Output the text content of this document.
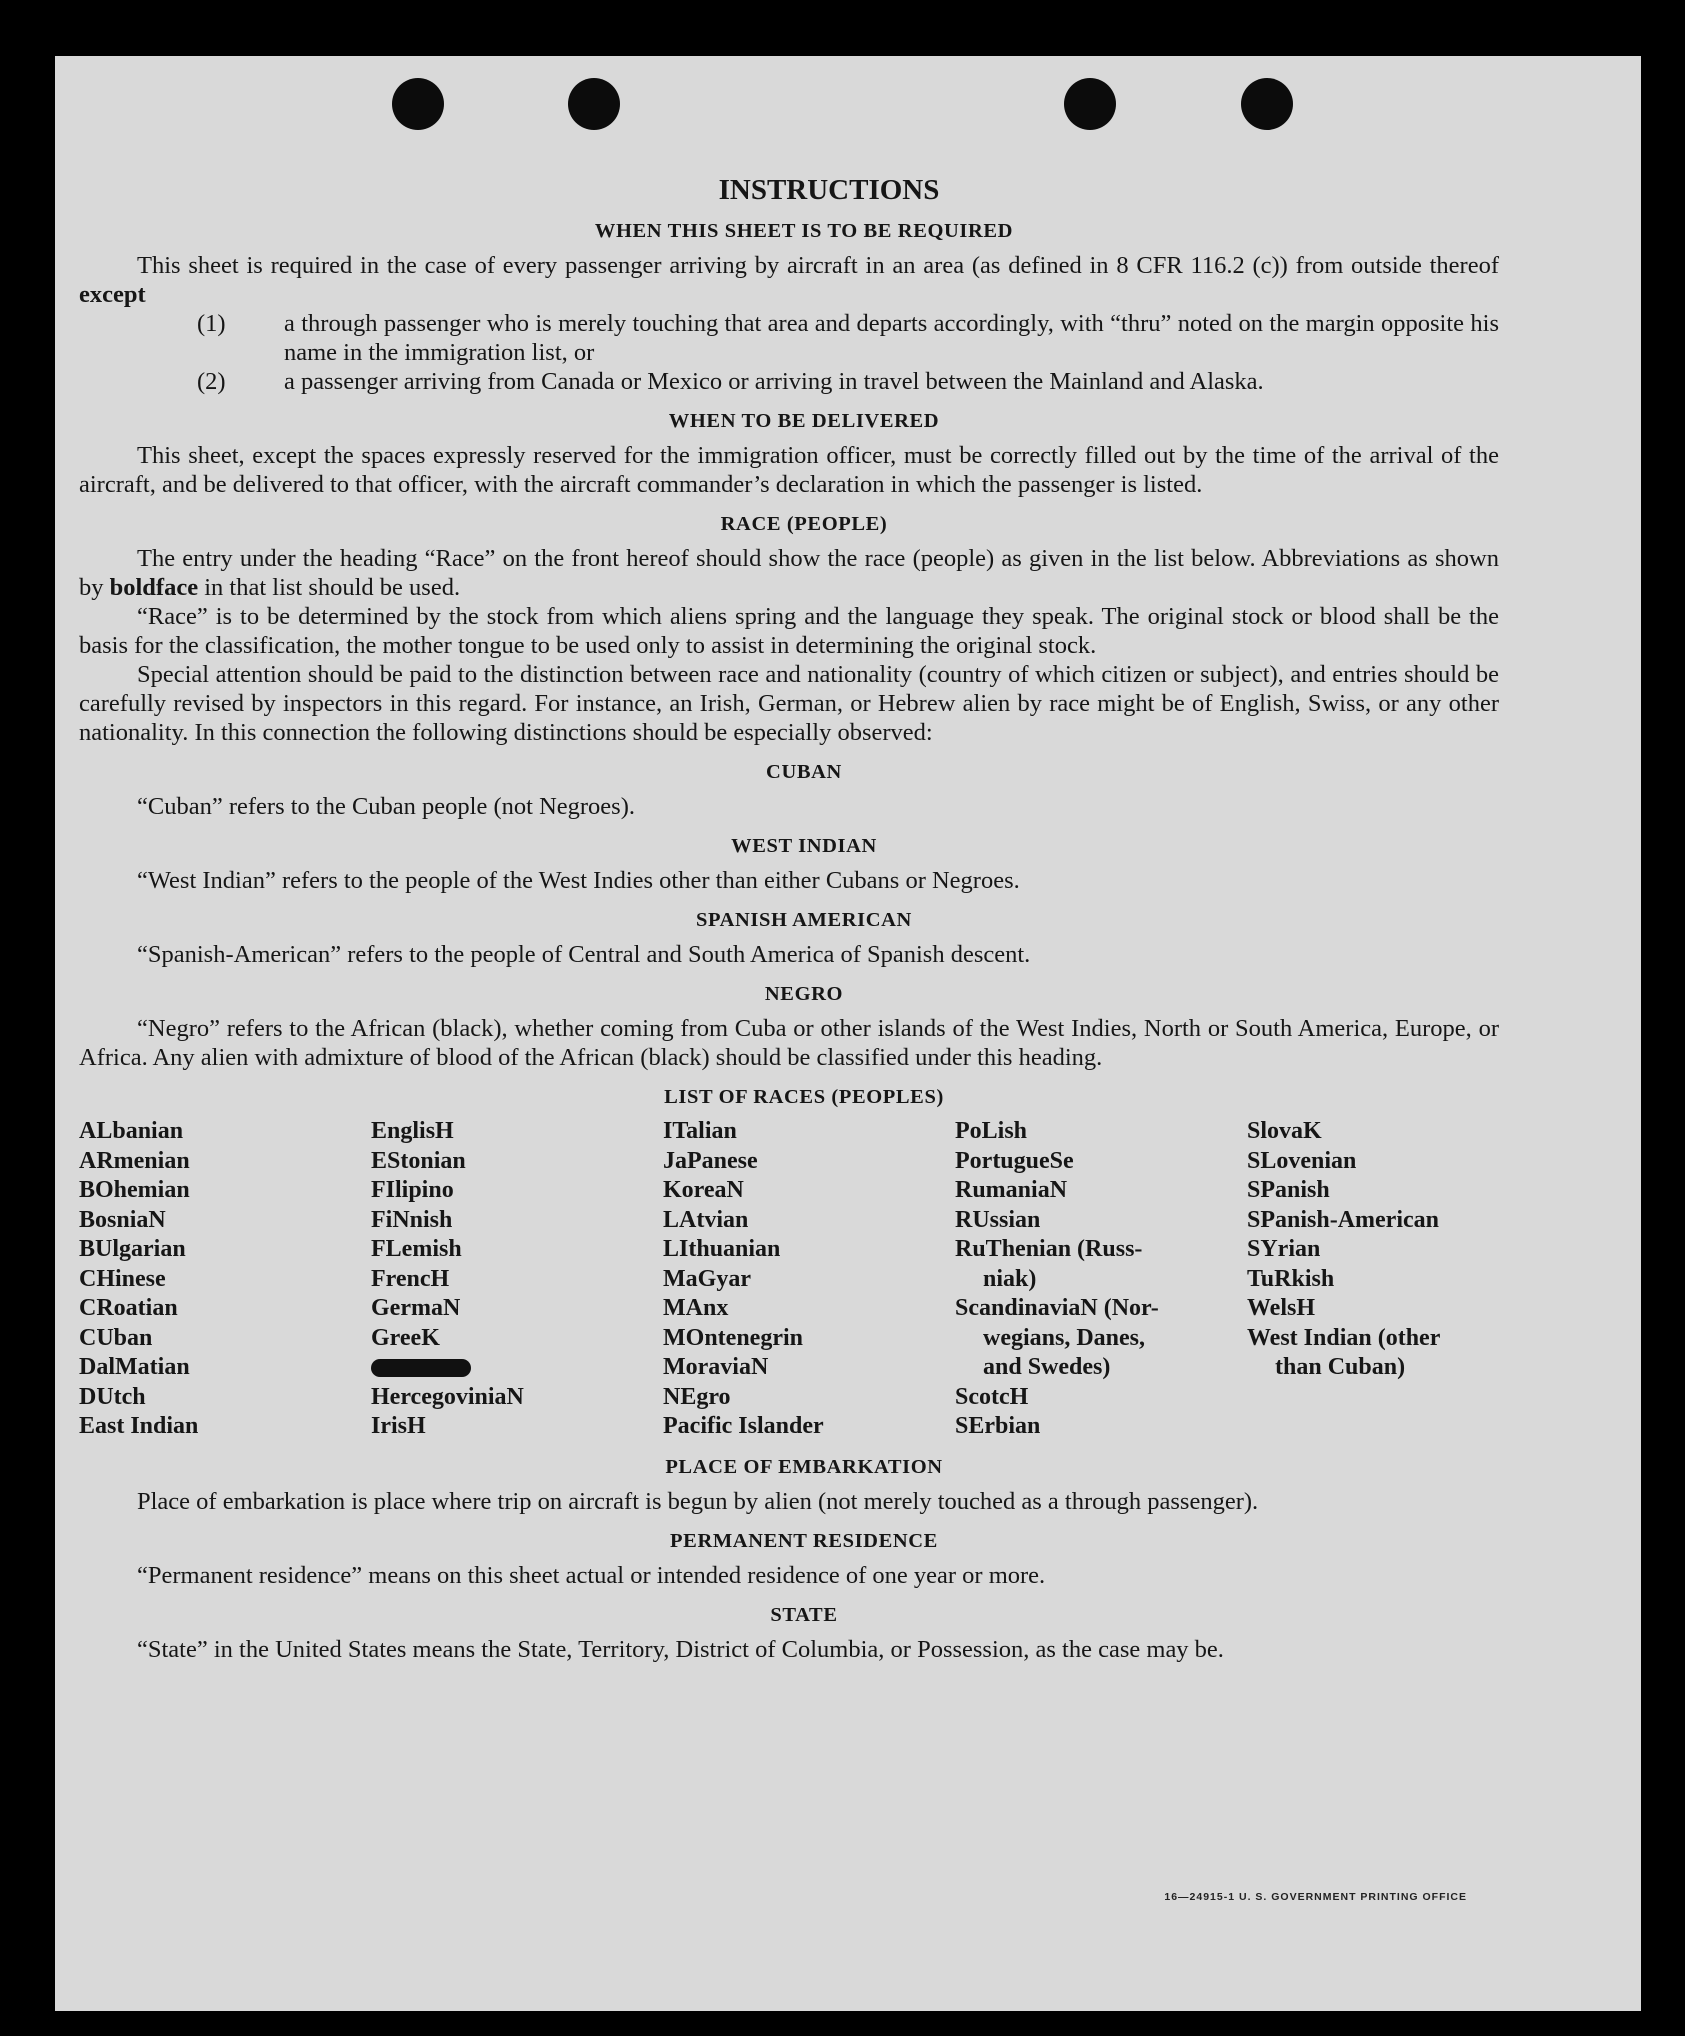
INSTRUCTIONS
WHEN THIS SHEET IS TO BE REQUIRED

This sheet is required in the case of every passenger arriving by aircraft in an area (as defined in 8 CFR 116.2 (c)) from outside thereof except

(1) a through passenger who is merely touching that area and departs accordingly, with “thru” noted on the margin opposite his name in the immigration list, or
(2) a passenger arriving from Canada or Mexico or arriving in travel between the Mainland and Alaska.
WHEN TO BE DELIVERED

This sheet, except the spaces expressly reserved for the immigration officer, must be correctly filled out by the time of the arrival of the aircraft, and be delivered to that officer, with the aircraft commander’s declaration in which the passenger is listed.

RACE (PEOPLE)

The entry under the heading “Race” on the front hereof should show the race (people) as given in the list below. Abbreviations as shown by boldface in that list should be used.

“Race” is to be determined by the stock from which aliens spring and the language they speak. The original stock or blood shall be the basis for the classification, the mother tongue to be used only to assist in determining the original stock.

Special attention should be paid to the distinction between race and nationality (country of which citizen or subject), and entries should be carefully revised by inspectors in this regard. For instance, an Irish, German, or Hebrew alien by race might be of English, Swiss, or any other nationality. In this connection the following distinctions should be especially observed:

CUBAN

“Cuban” refers to the Cuban people (not Negroes).

WEST INDIAN

“West Indian” refers to the people of the West Indies other than either Cubans or Negroes.

SPANISH AMERICAN

“Spanish-American” refers to the people of Central and South America of Spanish descent.

NEGRO

“Negro” refers to the African (black), whether coming from Cuba or other islands of the West Indies, North or South America, Europe, or Africa. Any alien with admixture of blood of the African (black) should be classified under this heading.

LIST OF RACES (PEOPLES)
ALbanian
ARmenian
BOhemian
BosniaN
BUlgarian
CHinese
CRoatian
CUban
DalMatian
DUtch
East Indian
EnglisH
EStonian
FIlipino
FiNnish
FLemish
FrencH
GermaN
GreeK
HercegoviniaN
IrisH
ITalian
JaPanese
KoreaN
LAtvian
LIthuanian
MaGyar
MAnx
MOntenegrin
MoraviaN
NEgro
Pacific Islander
PoLish
PortugueSe
RumaniaN
RUssian
RuThenian (Russ-
niak)
ScandinaviaN (Nor-
wegians, Danes,
and Swedes)
ScotcH
SErbian
SlovaK
SLovenian
SPanish
SPanish-American
SYrian
TuRkish
WelsH
West Indian (other
than Cuban)
PLACE OF EMBARKATION

Place of embarkation is place where trip on aircraft is begun by alien (not merely touched as a through passenger).

PERMANENT RESIDENCE

“Permanent residence” means on this sheet actual or intended residence of one year or more.

STATE

“State” in the United States means the State, Territory, District of Columbia, or Possession, as the case may be.

16—24915‑1 U. S. GOVERNMENT PRINTING OFFICE
